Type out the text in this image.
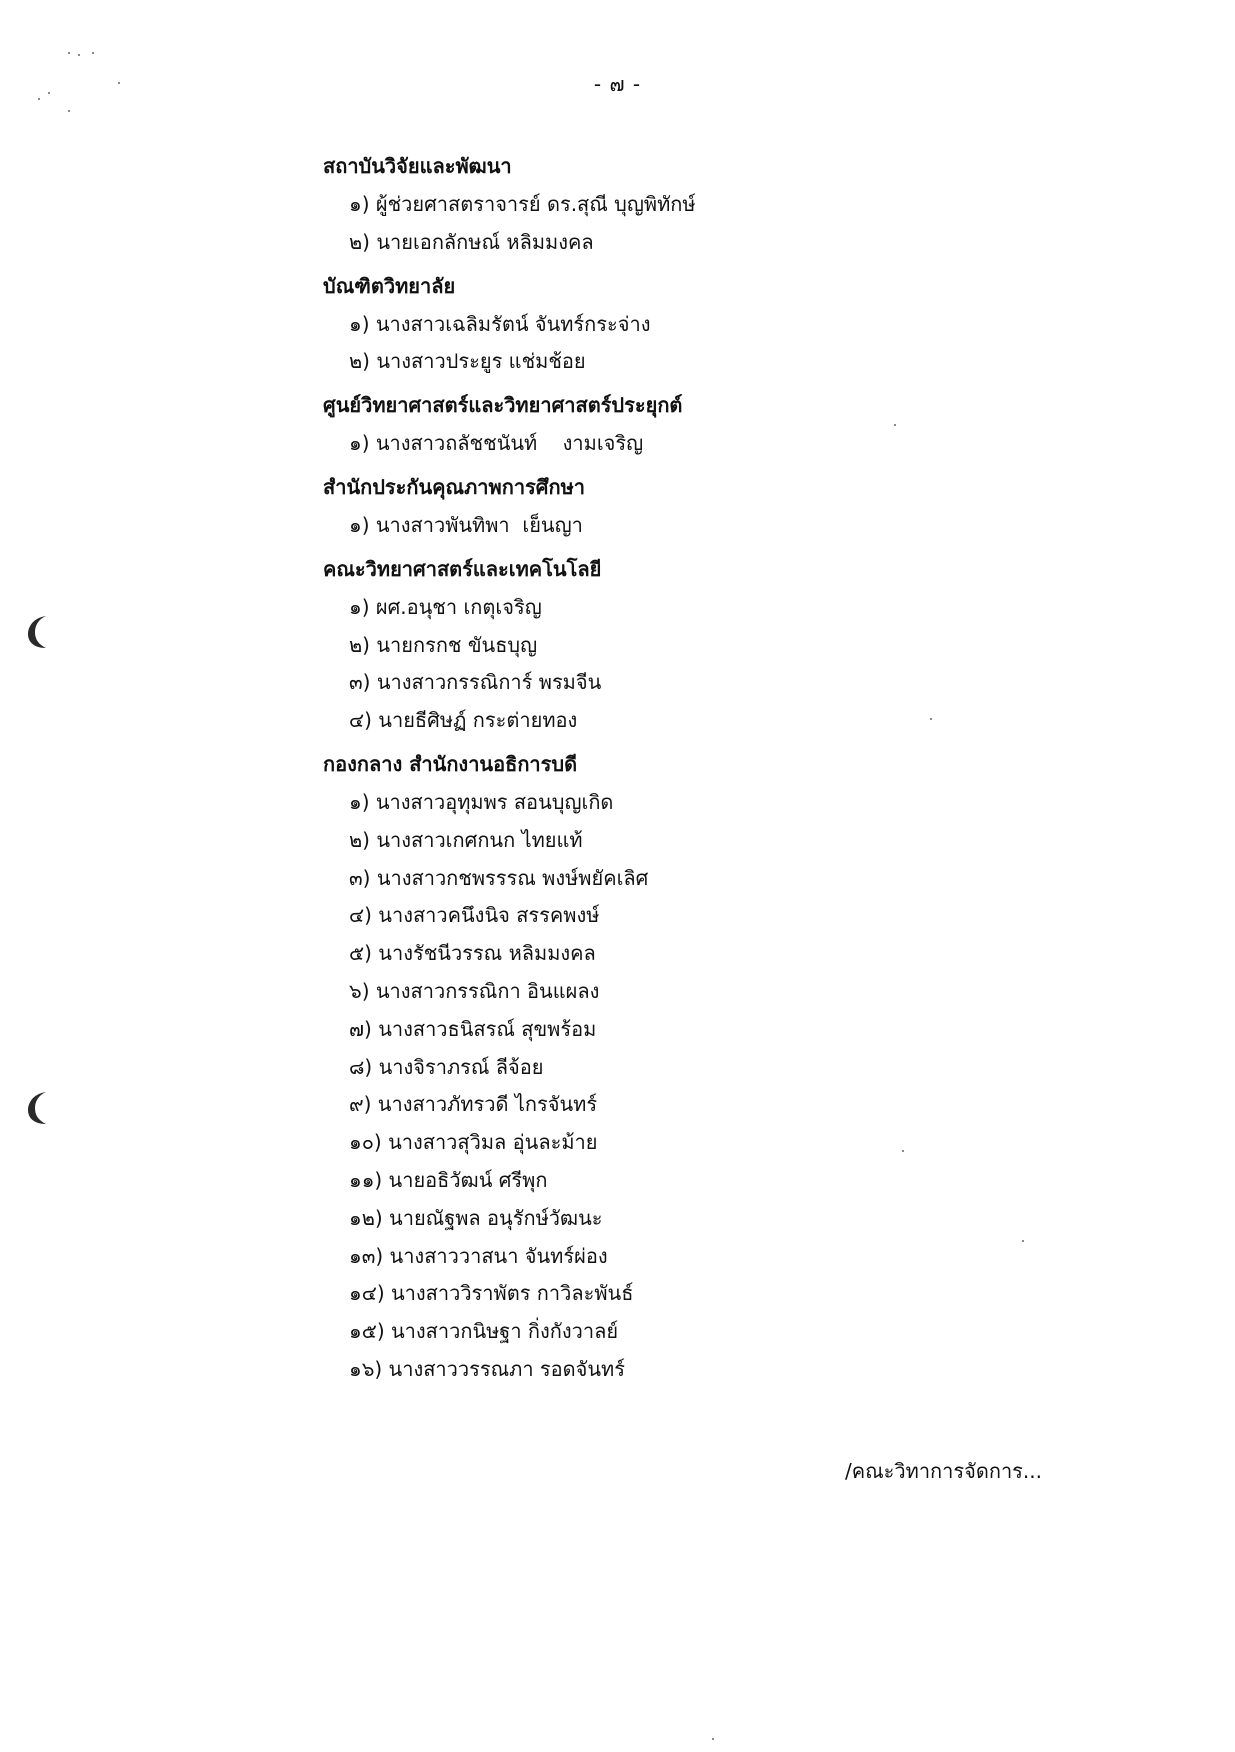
- ๗ -
สถาบันวิจัยและพัฒนา
๑) ผู้ช่วยศาสตราจารย์ ดร.สุณี บุญพิทักษ์
๒) นายเอกลักษณ์ หลิมมงคล
บัณฑิตวิทยาลัย
๑) นางสาวเฉลิมรัตน์ จันทร์กระจ่าง
๒) นางสาวประยูร แช่มช้อย
ศูนย์วิทยาศาสตร์และวิทยาศาสตร์ประยุกต์
๑) นางสาวถลัชชนันท์    งามเจริญ
สำนักประกันคุณภาพการศึกษา
๑) นางสาวพันทิพา  เย็นญา
คณะวิทยาศาสตร์และเทคโนโลยี
๑) ผศ.อนุชา เกตุเจริญ
๒) นายกรกช ขันธบุญ
๓) นางสาวกรรณิการ์ พรมจีน
๔) นายธีศิษฏ์ กระต่ายทอง
กองกลาง สำนักงานอธิการบดี
๑) นางสาวอุทุมพร สอนบุญเกิด
๒) นางสาวเกศกนก ไทยแท้
๓) นางสาวกชพรรรณ พงษ์พยัคเลิศ
๔) นางสาวคนึงนิจ สรรคพงษ์
๕) นางรัชนีวรรณ หลิมมงคล
๖) นางสาวกรรณิกา อินแผลง
๗) นางสาวธนิสรณ์ สุขพร้อม
๘) นางจิราภรณ์ ลีจ้อย
๙) นางสาวภัทรวดี ไกรจันทร์
๑๐) นางสาวสุวิมล อุ่นละม้าย
๑๑) นายอธิวัฒน์ ศรีพุก
๑๒) นายณัฐพล อนุรักษ์วัฒนะ
๑๓) นางสาววาสนา จันทร์ผ่อง
๑๔) นางสาววิราพัตร กาวิละพันธ์
๑๕) นางสาวกนิษฐา กิ่งกังวาลย์
๑๖) นางสาววรรณภา รอดจันทร์
/คณะวิทาการจัดการ...
